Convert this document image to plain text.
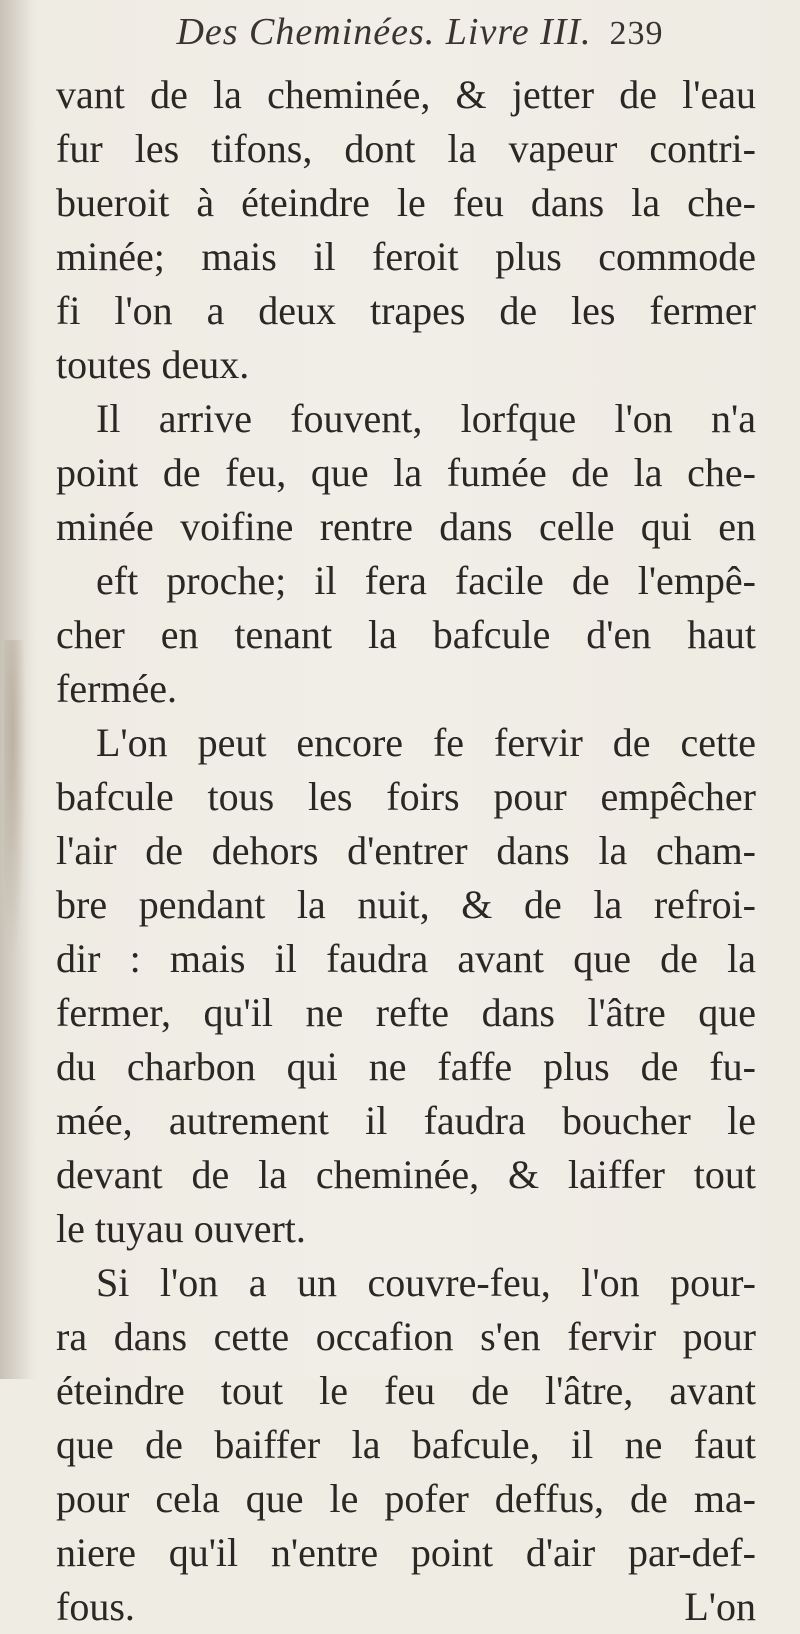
Des Cheminées. Livre III. 239
vant de la cheminée, & jetter de l'eau
fur les tifons, dont la vapeur contri-
bueroit à éteindre le feu dans la che-
minée; mais il feroit plus commode
fi l'on a deux trapes de les fermer
toutes deux.
Il arrive fouvent, lorfque l'on n'a
point de feu, que la fumée de la che-
minée voifine rentre dans celle qui en
eft proche; il fera facile de l'empê-
cher en tenant la bafcule d'en haut
fermée.
L'on peut encore fe fervir de cette
bafcule tous les foirs pour empêcher
l'air de dehors d'entrer dans la cham-
bre pendant la nuit, & de la refroi-
dir : mais il faudra avant que de la
fermer, qu'il ne refte dans l'âtre que
du charbon qui ne faffe plus de fu-
mée, autrement il faudra boucher le
devant de la cheminée, & laiffer tout
le tuyau ouvert.
Si l'on a un couvre-feu, l'on pour-
ra dans cette occafion s'en fervir pour
éteindre tout le feu de l'âtre, avant
que de baiffer la bafcule, il ne faut
pour cela que le pofer deffus, de ma-
niere qu'il n'entre point d'air par-def-
fous.	L'on
